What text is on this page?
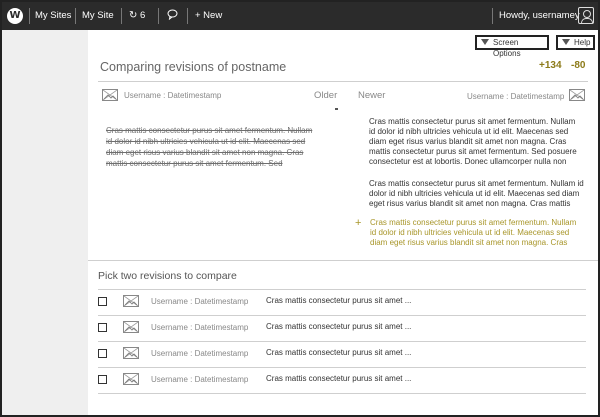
W My Sites My Site ↻ 6	+ New	Howdy, usernamey
Screen Options
Help
Comparing revisions of postname	+134 -80
Username : Datetimestamp	Older Newer	Username : Datetimestamp
Cras mattis consectetur purus sit amet fermentum. Nullam
id dolor id nibh ultricies vehicula ut id elit. Maecenas sed
diam eget risus varius blandit sit amet non magna. Cras
mattis consectetur purus sit amet fermentum. Sed
Cras mattis consectetur purus sit amet fermentum. Nullam
id dolor id nibh ultricies vehicula ut id elit. Maecenas sed
diam eget risus varius blandit sit amet non magna. Cras
mattis consectetur purus sit amet fermentum. Sed posuere
consectetur est at lobortis. Donec ullamcorper nulla non
Cras mattis consectetur purus sit amet fermentum. Nullam id
dolor id nibh ultricies vehicula ut id elit. Maecenas sed diam
eget risus varius blandit sit amet non magna. Cras mattis
+ Cras mattis consectetur purus sit amet fermentum. Nullam
id dolor id nibh ultricies vehicula ut id elit. Maecenas sed
diam eget risus varius blandit sit amet non magna. Cras
Pick two revisions to compare
Username : Datetimestamp Cras mattis consectetur purus sit amet ...
Username : Datetimestamp Cras mattis consectetur purus sit amet ...
Username : Datetimestamp Cras mattis consectetur purus sit amet ...
Username : Datetimestamp Cras mattis consectetur purus sit amet ...
